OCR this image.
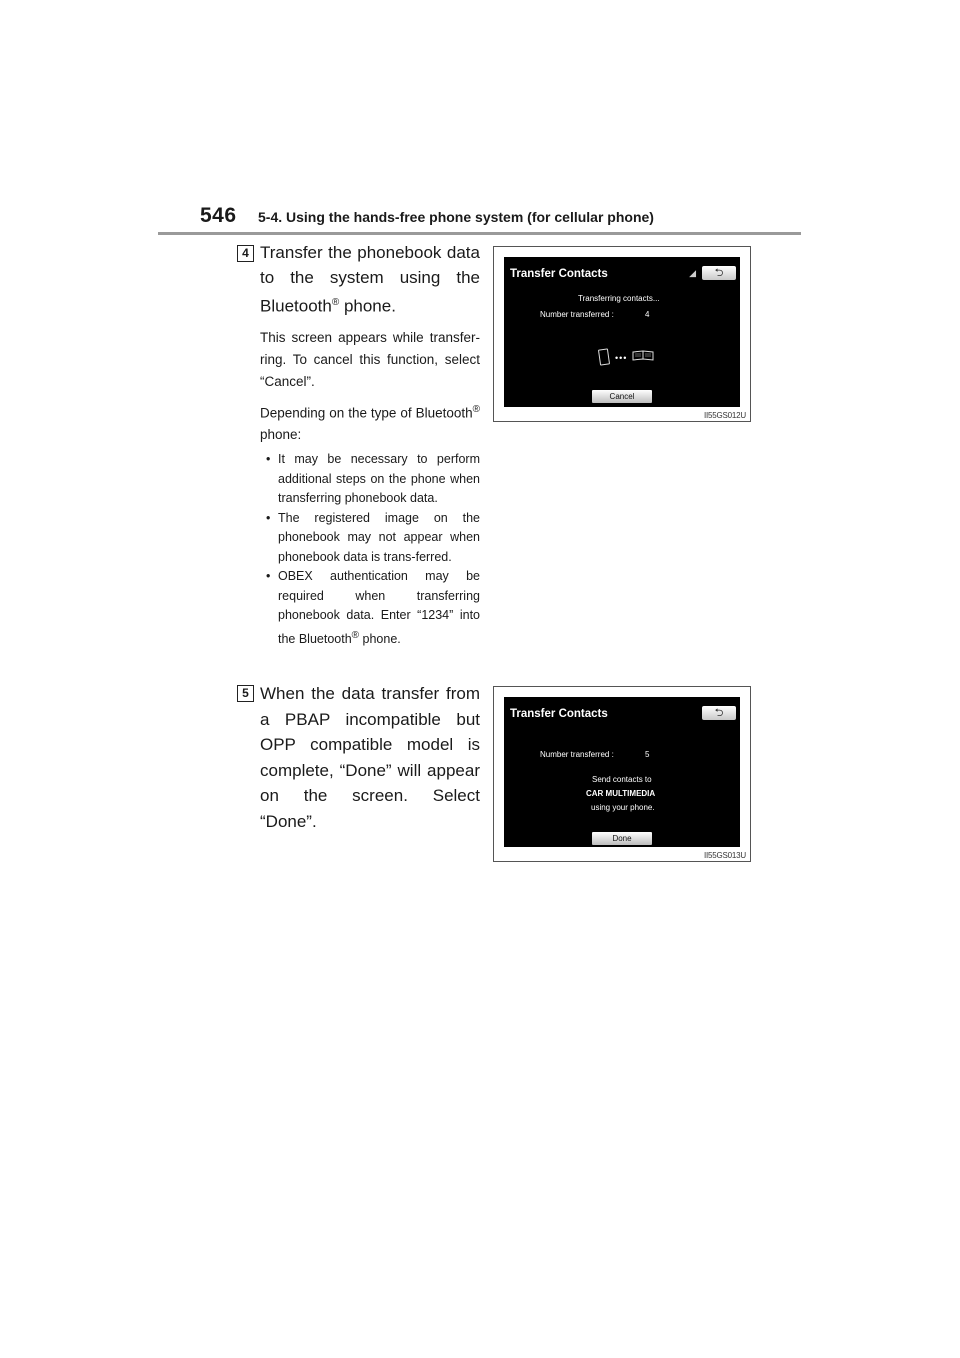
546 5-4. Using the hands-free phone system (for cellular phone)
4 Transfer the phonebook data to the system using the Bluetooth® phone.

This screen appears while transfer-ring. To cancel this function, select “Cancel”.

Depending on the type of Bluetooth® phone:

• It may be necessary to perform additional steps on the phone when transferring phonebook data.
• The registered image on the phonebook may not appear when phonebook data is trans-ferred.
• OBEX authentication may be required when transferring phonebook data. Enter “1234” into the Bluetooth® phone.
Transfer Contacts	◢	⮌
Transferring contacts...
Number transferred :	4
•••
Cancel
II55GS012U
5 When the data transfer from a PBAP incompatible but OPP compatible model is complete, “Done” will appear on the screen. Select “Done”.

Transfer Contacts	⮌
Number transferred :	5
Send contacts to
CAR MULTIMEDIA
using your phone.
Done
II55GS013U
